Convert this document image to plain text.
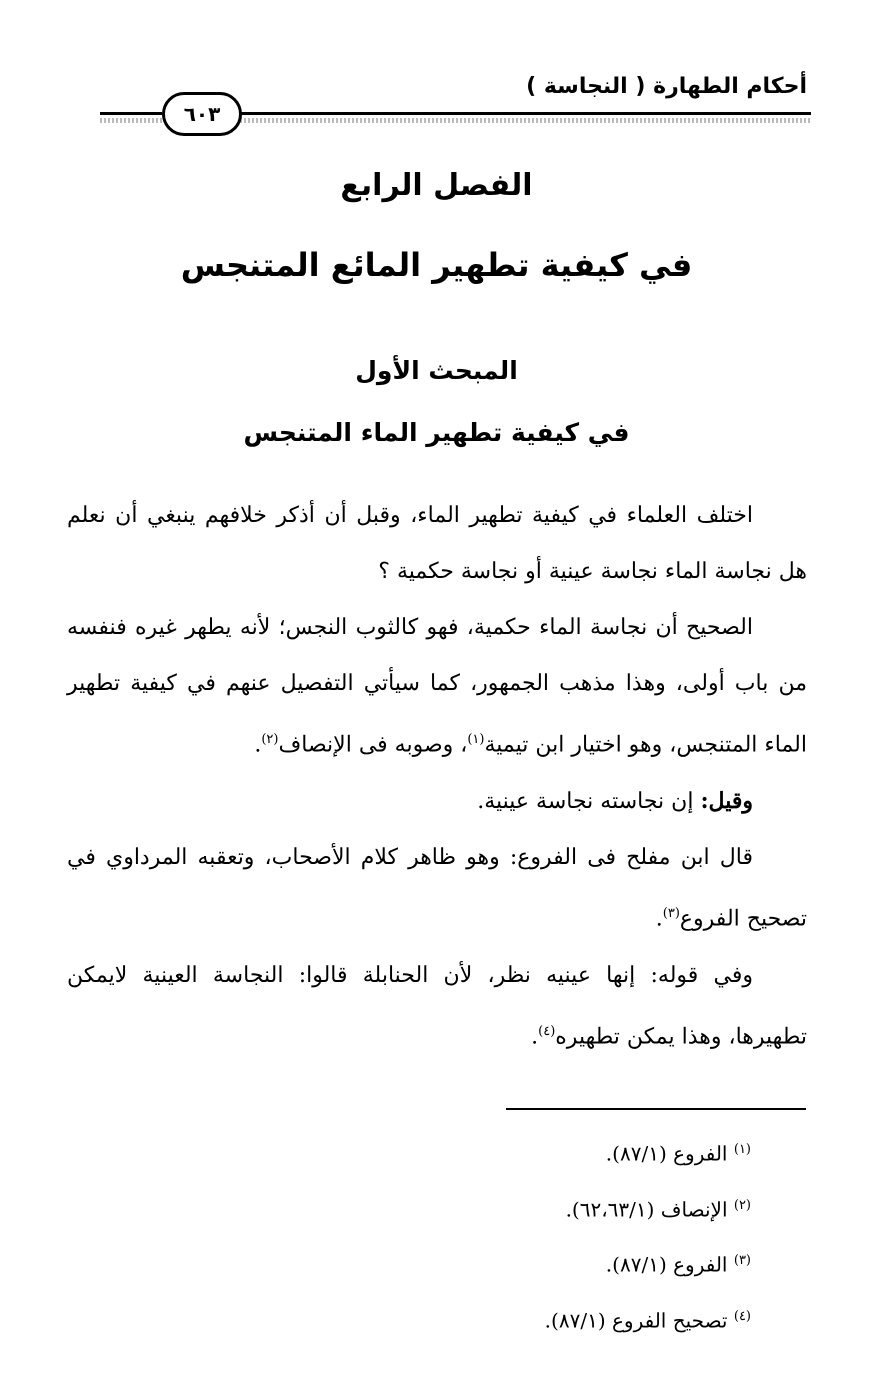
أحكام الطهارة ( النجاسة )
٦٠٣
الفصل الرابع
في كيفية تطهير المائع المتنجس
المبحث الأول
في كيفية تطهير الماء المتنجس

اختلف العلماء في كيفية تطهير الماء، وقبل أن أذكر خلافهم ينبغي أن نعلم هل نجاسة الماء نجاسة عينية أو نجاسة حكمية ؟

الصحيح أن نجاسة الماء حكمية، فهو كالثوب النجس؛ لأنه يطهر غيره فنفسه من باب أولى، وهذا مذهب الجمهور، كما سيأتي التفصيل عنهم في كيفية تطهير الماء المتنجس، وهو اختيار ابن تيمية$^{(١)}$، وصوبه فى الإنصاف$^{(٢)}$.

وقيل: إن نجاسته نجاسة عينية.

قال ابن مفلح فى الفروع: وهو ظاهر كلام الأصحاب، وتعقبه المرداوي في تصحيح الفروع$^{(٣)}$.

وفي قوله: إنها عينيه نظر، لأن الحنابلة قالوا: النجاسة العينية لايمكن تطهيرها، وهذا يمكن تطهيره$^{(٤)}$.

$^{(١)}$ الفروع (٨٧/١).
$^{(٢)}$ الإنصاف (٦٢،٦٣/١).
$^{(٣)}$ الفروع (٨٧/١).
$^{(٤)}$ تصحيح الفروع (٨٧/١).
